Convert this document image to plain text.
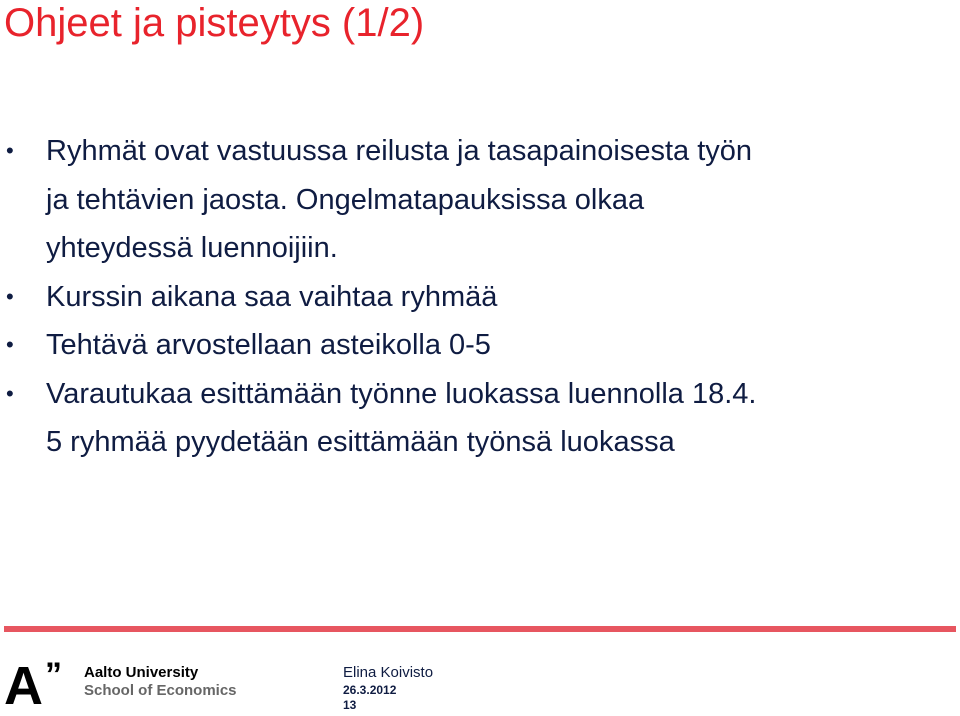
Ohjeet ja pisteytys (1/2)
• Ryhmät ovat vastuussa reilusta ja tasapainoisesta työn
ja tehtävien jaosta. Ongelmatapauksissa olkaa
yhteydessä luennoijiin.
• Kurssin aikana saa vaihtaa ryhmää
• Tehtävä arvostellaan asteikolla 0-5
• Varautukaa esittämään työnne luokassa luennolla 18.4.
5 ryhmää pyydetään esittämään työnsä luokassa
A ” Aalto University
School of Economics
Elina Koivisto
26.3.2012
13
